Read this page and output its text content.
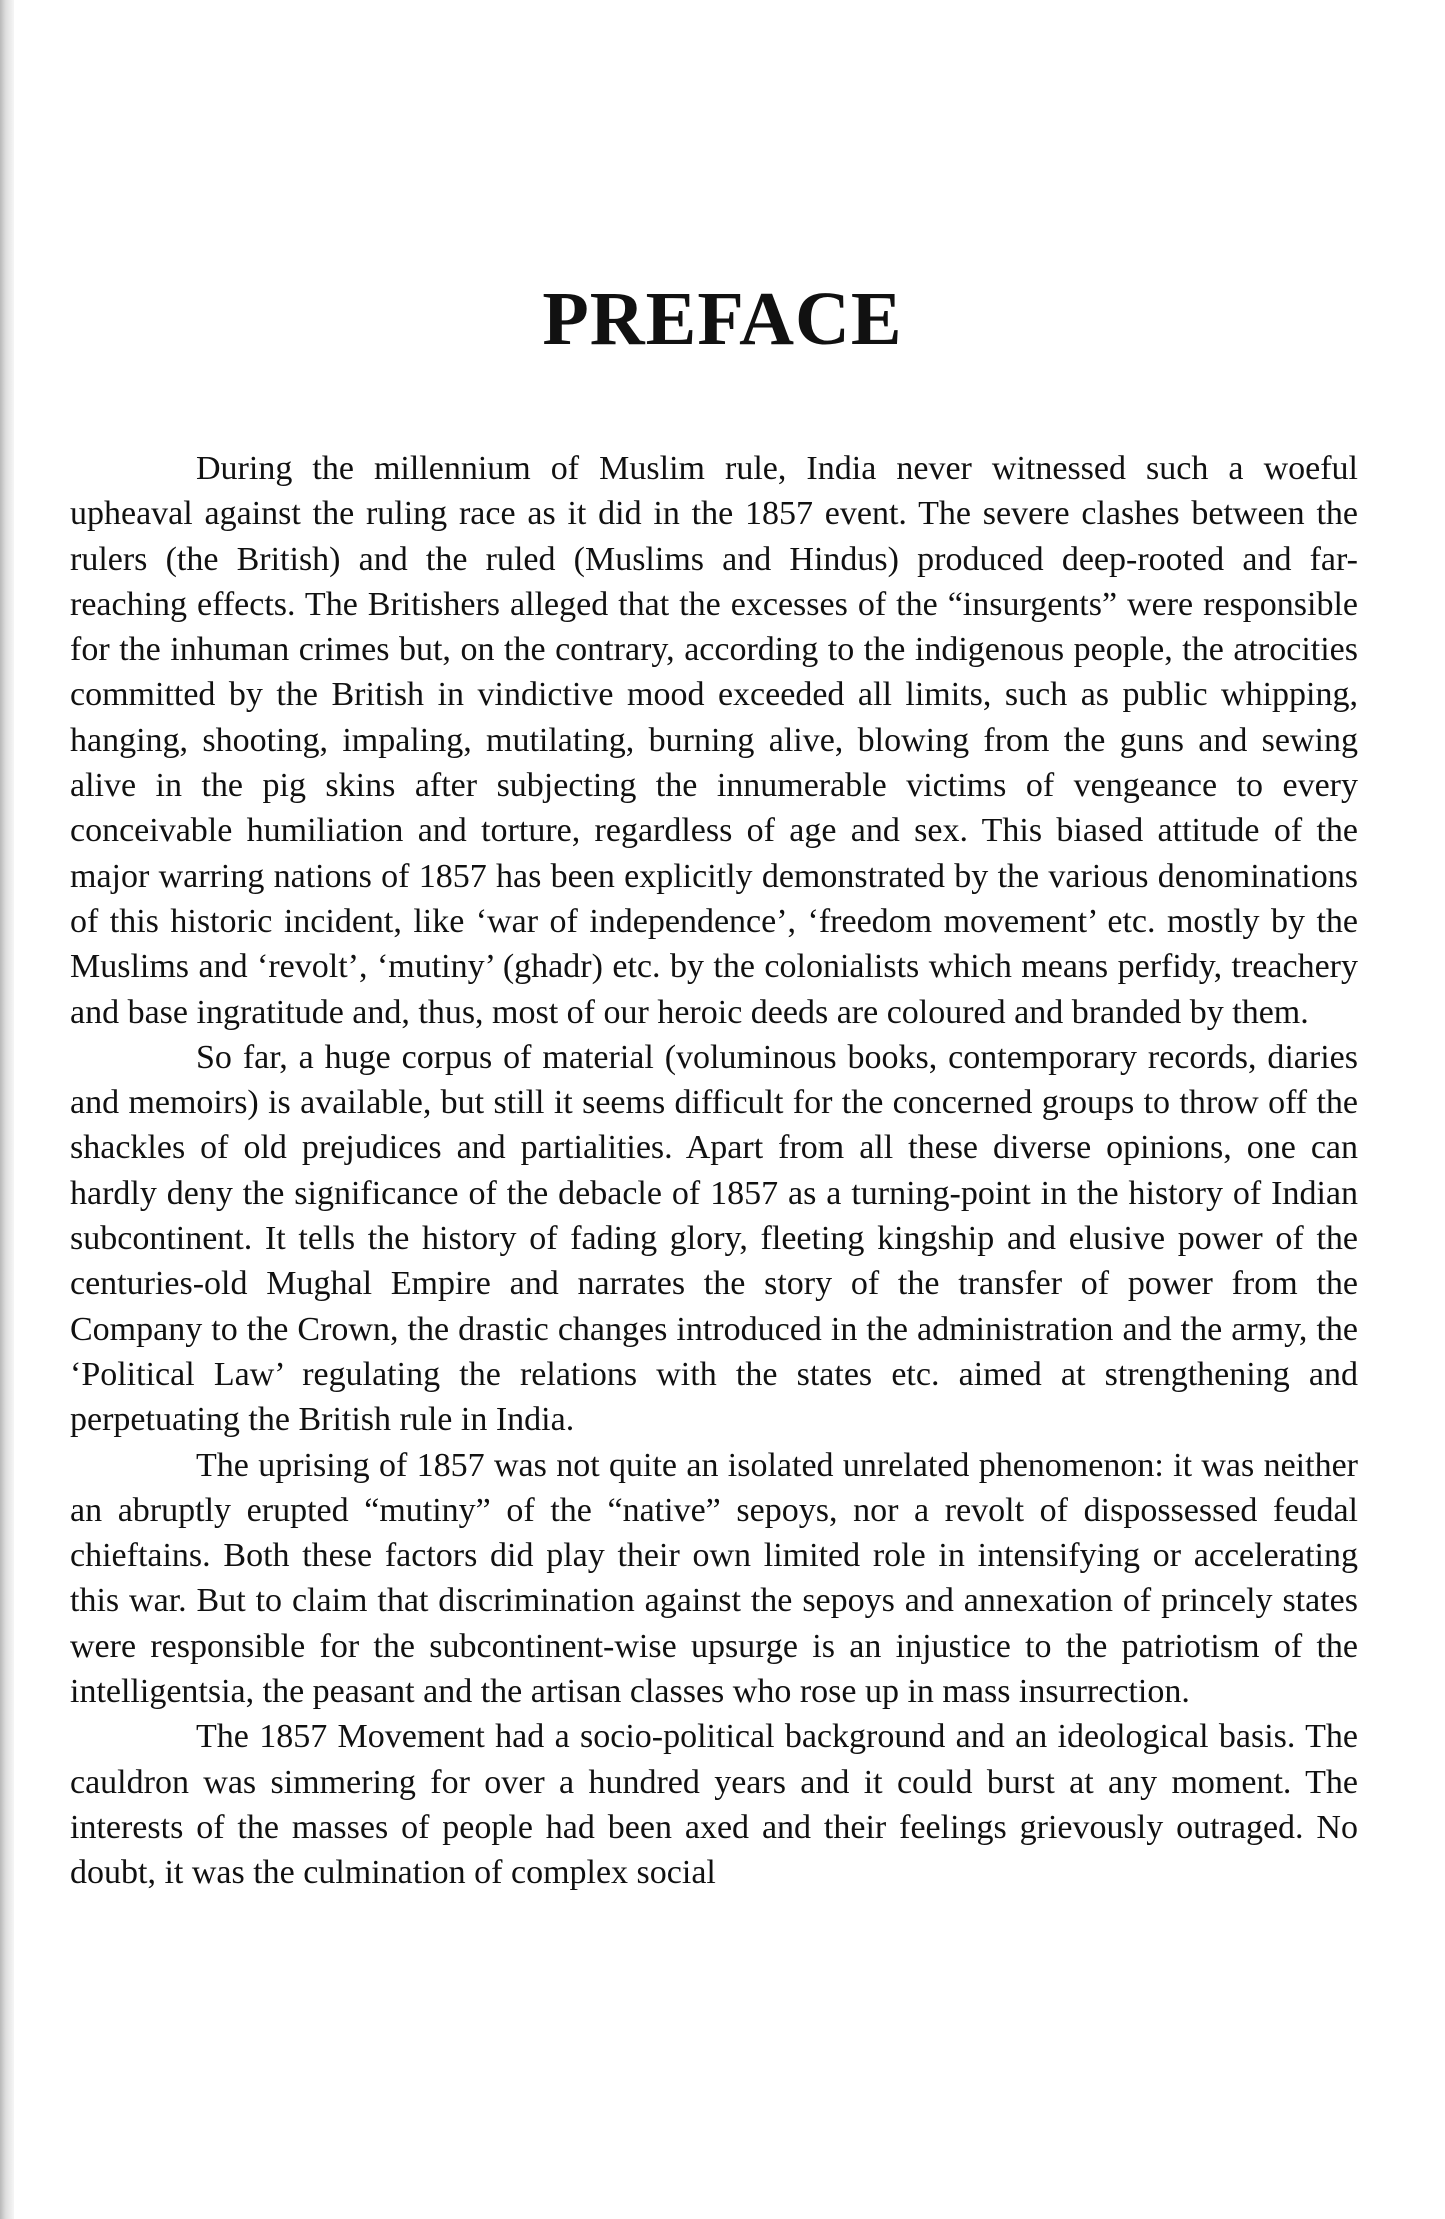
PREFACE

During the millennium of Muslim rule, India never witnessed such a woeful upheaval against the ruling race as it did in the 1857 event. The severe clashes between the rulers (the British) and the ruled (Muslims and Hindus) produced deep-rooted and far-reaching effects. The Britishers alleged that the excesses of the “insurgents” were responsible for the inhuman crimes but, on the contrary, according to the indigenous people, the atrocities committed by the British in vindictive mood exceeded all limits, such as public whipping, hanging, shooting, impaling, mutilating, burning alive, blowing from the guns and sewing alive in the pig skins after subjecting the innumerable victims of vengeance to every conceivable humiliation and torture, regardless of age and sex. This biased attitude of the major warring nations of 1857 has been explicitly demonstrated by the various denominations of this historic incident, like ‘war of independence’, ‘freedom movement’ etc. mostly by the Muslims and ‘revolt’, ‘mutiny’ (ghadr) etc. by the colonialists which means perfidy, treachery and base ingratitude and, thus, most of our heroic deeds are coloured and branded by them.

So far, a huge corpus of material (voluminous books, contemporary records, diaries and memoirs) is available, but still it seems difficult for the concerned groups to throw off the shackles of old prejudices and partialities. Apart from all these diverse opinions, one can hardly deny the significance of the debacle of 1857 as a turning-point in the history of Indian subcontinent. It tells the history of fading glory, fleeting kingship and elusive power of the centuries-old Mughal Empire and narrates the story of the transfer of power from the Company to the Crown, the drastic changes introduced in the administration and the army, the ‘Political Law’ regulating the relations with the states etc. aimed at strengthening and perpetuating the British rule in India.

The uprising of 1857 was not quite an isolated unrelated phenomenon: it was neither an abruptly erupted “mutiny” of the “native” sepoys, nor a revolt of dispossessed feudal chieftains. Both these factors did play their own limited role in intensifying or accelerating this war. But to claim that discrimination against the sepoys and annexation of princely states were responsible for the subcontinent-wise upsurge is an injustice to the patriotism of the intelligentsia, the peasant and the artisan classes who rose up in mass insurrection.

The 1857 Movement had a socio-political background and an ideological basis. The cauldron was simmering for over a hundred years and it could burst at any moment. The interests of the masses of people had been axed and their feelings grievously outraged. No doubt, it was the culmination of complex social
